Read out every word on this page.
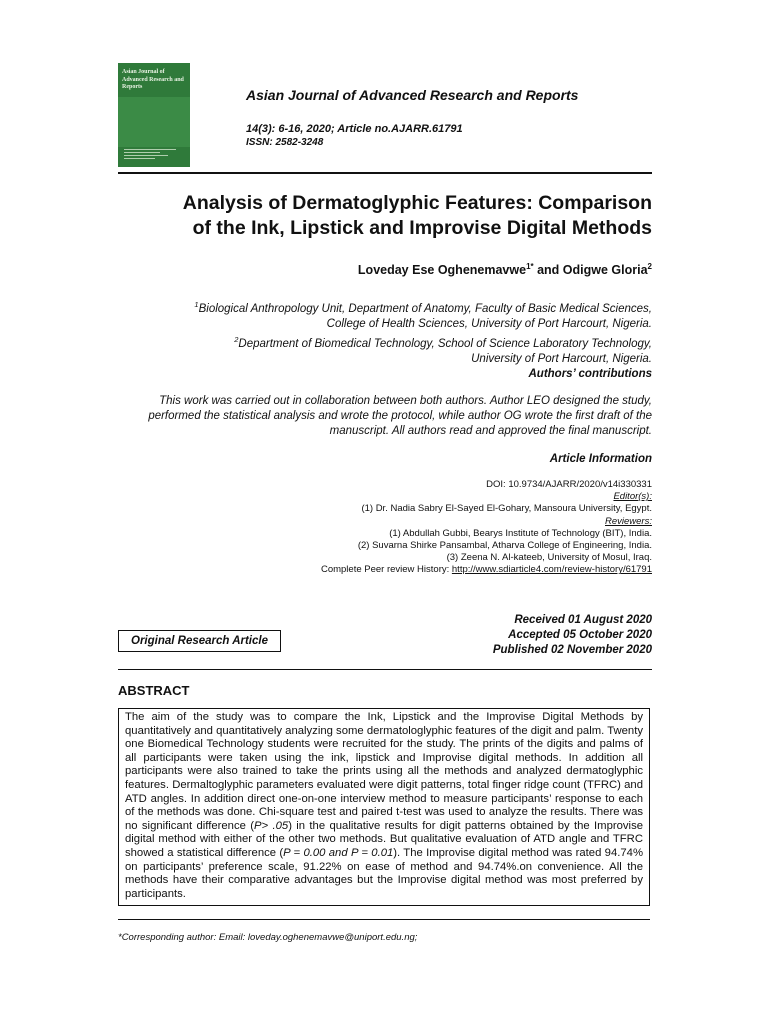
Asian Journal of Advanced Research and Reports	Asian Journal of Advanced Research and Reports
14(3): 6-16, 2020; Article no.AJARR.61791
ISSN: 2582-3248
Analysis of Dermatoglyphic Features: Comparison
of the Ink, Lipstick and Improvise Digital Methods
Loveday Ese Oghenemavwe$^{1*}$ and Odigwe Gloria$^2$
$^1$Biological Anthropology Unit, Department of Anatomy, Faculty of Basic Medical Sciences,
College of Health Sciences, University of Port Harcourt, Nigeria.
$^2$Department of Biomedical Technology, School of Science Laboratory Technology,
University of Port Harcourt, Nigeria.
Authors’ contributions
This work was carried out in collaboration between both authors. Author LEO designed the study,
performed the statistical analysis and wrote the protocol, while author OG wrote the first draft of the
manuscript. All authors read and approved the final manuscript.
Article Information
DOI: 10.9734/AJARR/2020/v14i330331
Editor(s):
(1) Dr. Nadia Sabry El-Sayed El-Gohary, Mansoura University, Egypt.
Reviewers:
(1) Abdullah Gubbi, Bearys Institute of Technology (BIT), India.
(2) Suvarna Shirke Pansambal, Atharva College of Engineering, India.
(3) Zeena N. Al-kateeb, University of Mosul, Iraq.
Complete Peer review History: http://www.sdiarticle4.com/review-history/61791
Received 01 August 2020
Accepted 05 October 2020
Published 02 November 2020
Original Research Article
ABSTRACT

The aim of the study was to compare the Ink, Lipstick and the Improvise Digital Methods by quantitatively and quantitatively analyzing some dermatologlyphic features of the digit and palm. Twenty one Biomedical Technology students were recruited for the study. The prints of the digits and palms of all participants were taken using the ink, lipstick and Improvise digital methods. In addition all participants were also trained to take the prints using all the methods and analyzed dermatoglyphic features. Dermaltoglyphic parameters evaluated were digit patterns, total finger ridge count (TFRC) and ATD angles. In addition direct one-on-one interview method to measure participants’ response to each of the methods was done. Chi-square test and paired t-test was used to analyze the results. There was no significant difference (P> .05) in the qualitative results for digit patterns obtained by the Improvise digital method with either of the other two methods. But qualitative evaluation of ATD angle and TFRC showed a statistical difference (P = 0.00 and P = 0.01). The Improvise digital method was rated 94.74% on participants’ preference scale, 91.22% on ease of method and 94.74%.on convenience. All the methods have their comparative advantages but the Improvise digital method was most preferred by participants.

*Corresponding author: Email: loveday.oghenemavwe@uniport.edu.ng;
